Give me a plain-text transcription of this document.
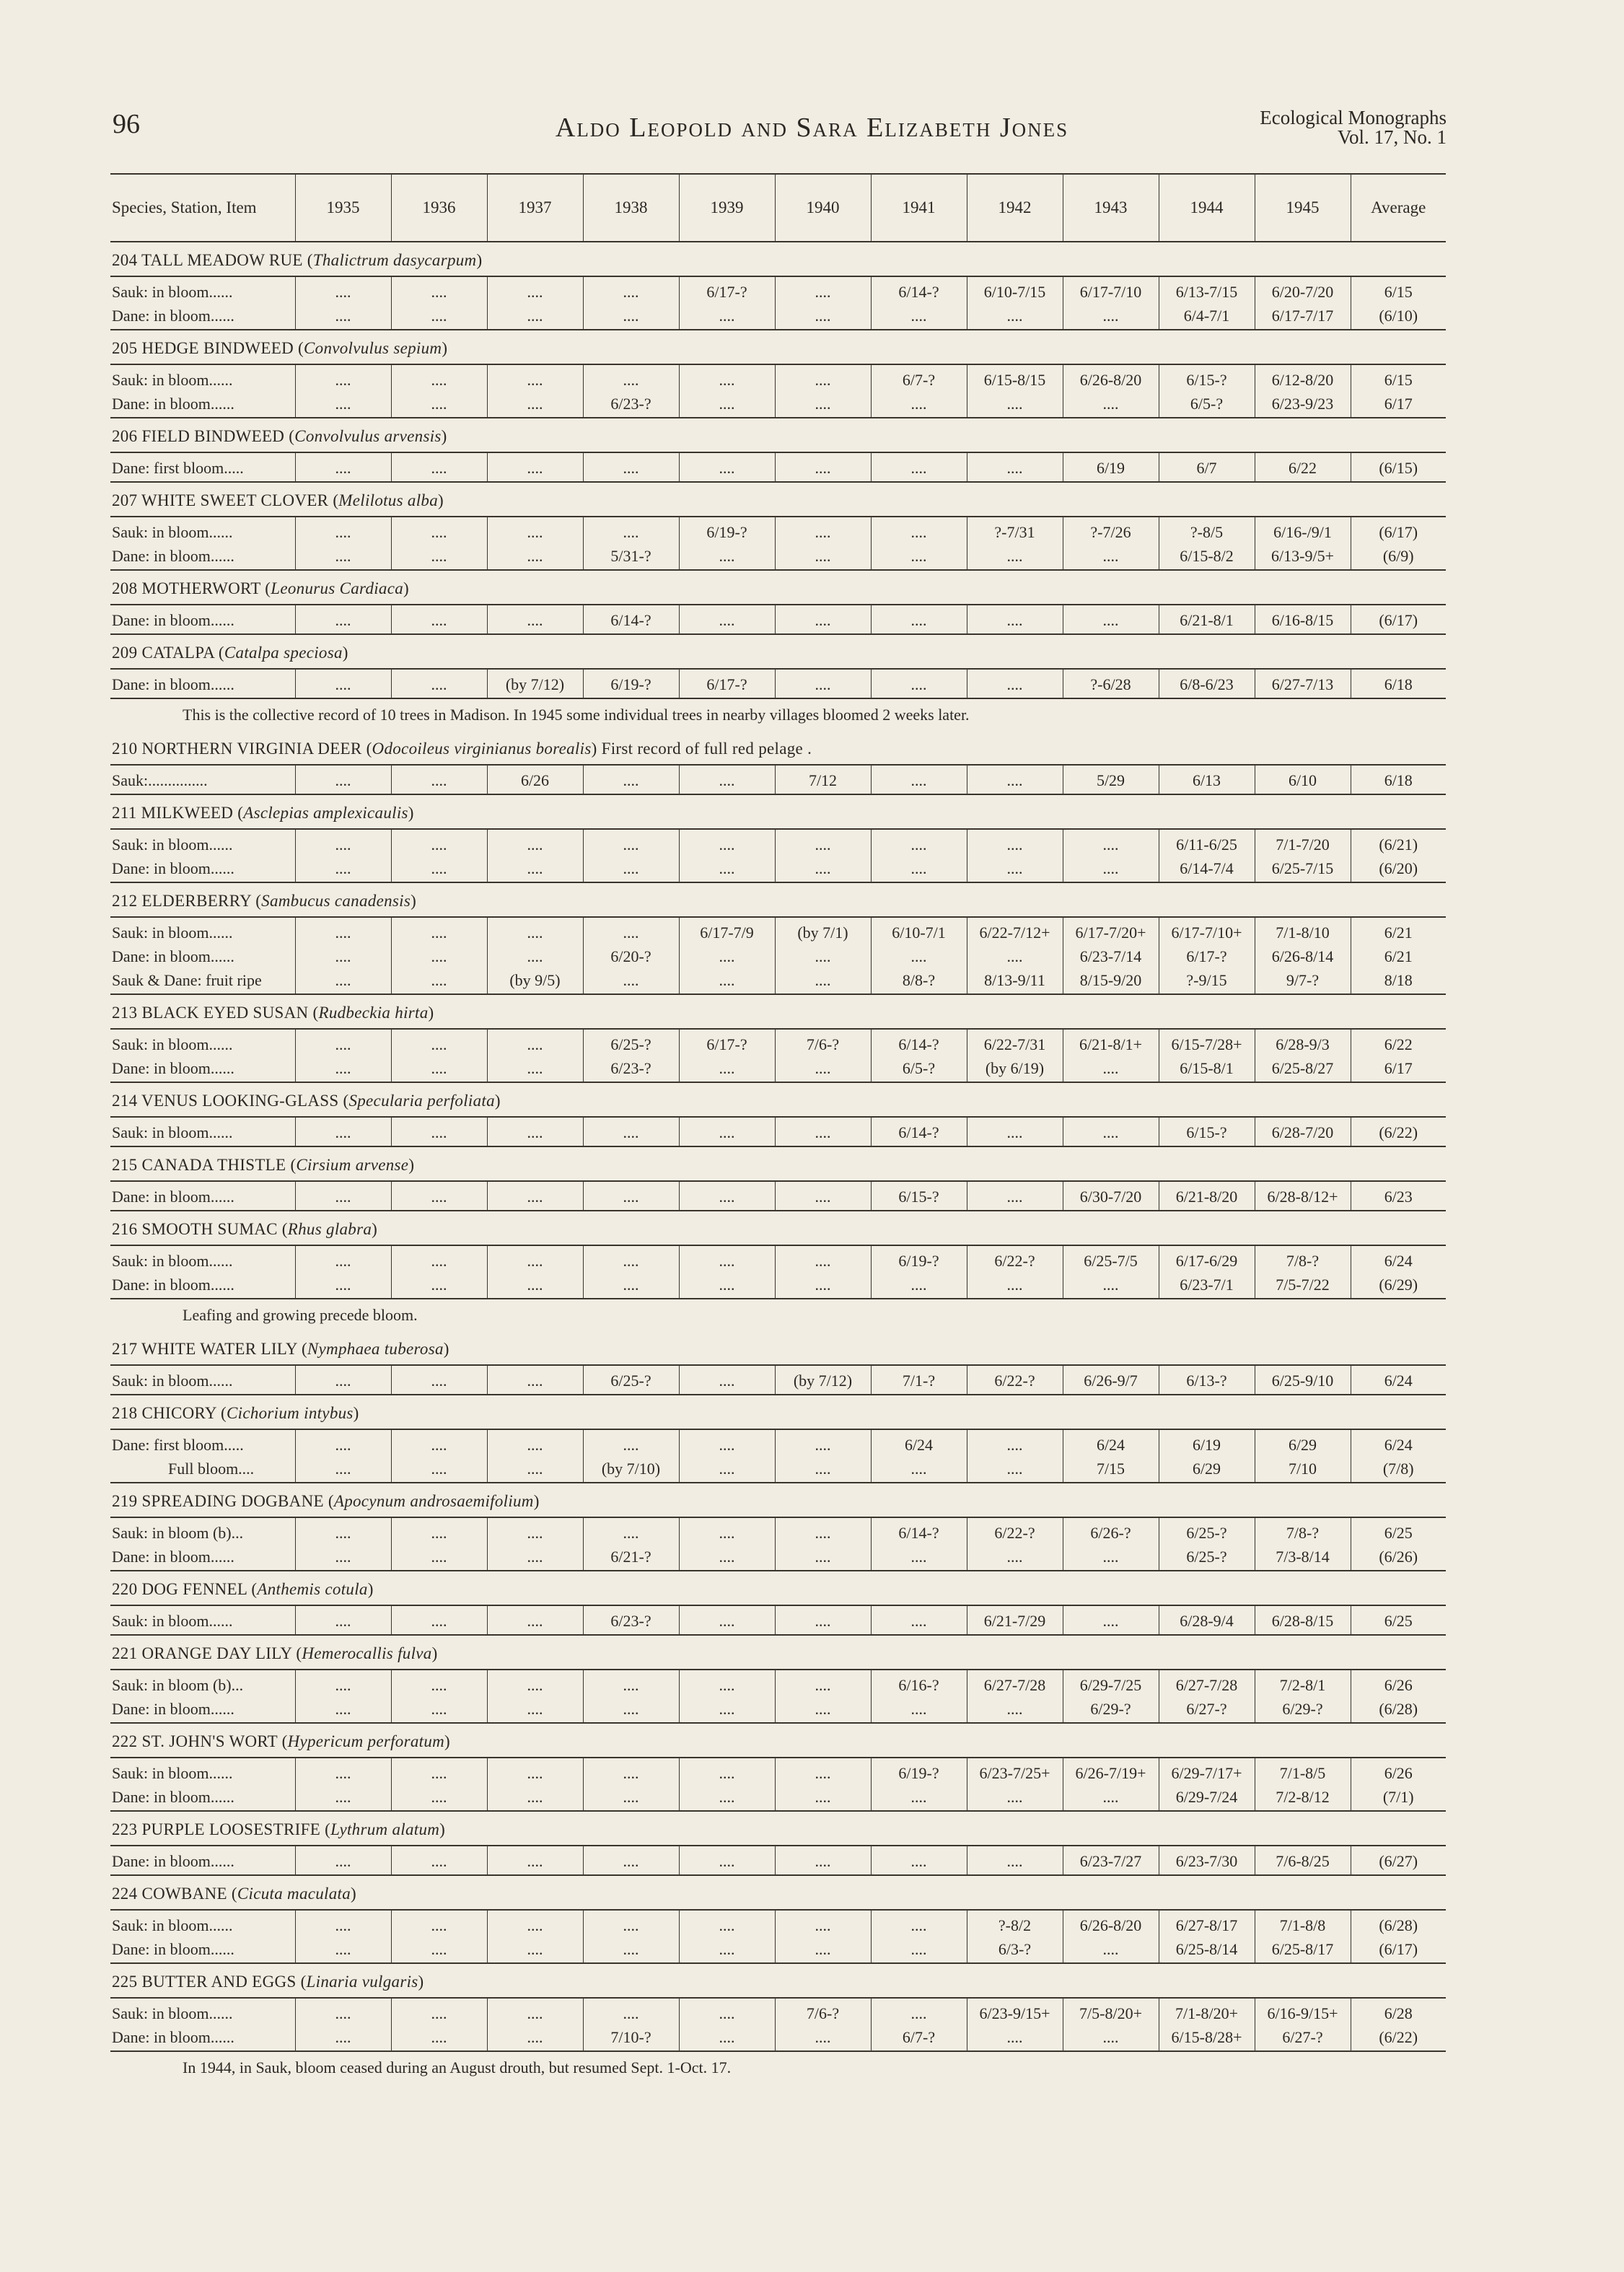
96	Aldo Leopold and Sara Elizabeth Jones	Ecological Monographs
Vol. 17, No. 1
Species, Station, Item	1935	1936	1937	1938	1939	1940	1941	1942	1943	1944	1945	Average
204 TALL MEADOW RUE (Thalictrum dasycarpum)												
Sauk: in bloom......	....	....	....	....	6/17-?	....	6/14-?	6/10-7/15	6/17-7/10	6/13-7/15	6/20-7/20	6/15
Dane: in bloom......	....	....	....	....	....	....	....	....	....	6/4-7/1	6/17-7/17	(6/10)
205 HEDGE BINDWEED (Convolvulus sepium)												
Sauk: in bloom......	....	....	....	....	....	....	6/7-?	6/15-8/15	6/26-8/20	6/15-?	6/12-8/20	6/15
Dane: in bloom......	....	....	....	6/23-?	....	....	....	....	....	6/5-?	6/23-9/23	6/17
206 FIELD BINDWEED (Convolvulus arvensis)												
Dane: first bloom.....	....	....	....	....	....	....	....	....	6/19	6/7	6/22	(6/15)
207 WHITE SWEET CLOVER (Melilotus alba)												
Sauk: in bloom......	....	....	....	....	6/19-?	....	....	?-7/31	?-7/26	?-8/5	6/16-/9/1	(6/17)
Dane: in bloom......	....	....	....	5/31-?	....	....	....	....	....	6/15-8/2	6/13-9/5+	(6/9)
208 MOTHERWORT (Leonurus Cardiaca)												
Dane: in bloom......	....	....	....	6/14-?	....	....	....	....	....	6/21-8/1	6/16-8/15	(6/17)
209 CATALPA (Catalpa speciosa)												
Dane: in bloom......	....	....	(by 7/12)	6/19-?	6/17-?	....	....	....	?-6/28	6/8-6/23	6/27-7/13	6/18
This is the collective record of 10 trees in Madison. In 1945 some individual trees in nearby villages bloomed 2 weeks later.												
210 NORTHERN VIRGINIA DEER (Odocoileus virginianus borealis) First record of full red pelage .												
Sauk:...............	....	....	6/26	....	....	7/12	....	....	5/29	6/13	6/10	6/18
211 MILKWEED (Asclepias amplexicaulis)												
Sauk: in bloom......	....	....	....	....	....	....	....	....	....	6/11-6/25	7/1-7/20	(6/21)
Dane: in bloom......	....	....	....	....	....	....	....	....	....	6/14-7/4	6/25-7/15	(6/20)
212 ELDERBERRY (Sambucus canadensis)												
Sauk: in bloom......	....	....	....	....	6/17-7/9	(by 7/1)	6/10-7/1	6/22-7/12+	6/17-7/20+	6/17-7/10+	7/1-8/10	6/21
Dane: in bloom......	....	....	....	6/20-?	....	....	....	....	6/23-7/14	6/17-?	6/26-8/14	6/21
Sauk & Dane: fruit ripe	....	....	(by 9/5)	....	....	....	8/8-?	8/13-9/11	8/15-9/20	?-9/15	9/7-?	8/18
213 BLACK EYED SUSAN (Rudbeckia hirta)												
Sauk: in bloom......	....	....	....	6/25-?	6/17-?	7/6-?	6/14-?	6/22-7/31	6/21-8/1+	6/15-7/28+	6/28-9/3	6/22
Dane: in bloom......	....	....	....	6/23-?	....	....	6/5-?	(by 6/19)	....	6/15-8/1	6/25-8/27	6/17
214 VENUS LOOKING-GLASS (Specularia perfoliata)												
Sauk: in bloom......	....	....	....	....	....	....	6/14-?	....	....	6/15-?	6/28-7/20	(6/22)
215 CANADA THISTLE (Cirsium arvense)												
Dane: in bloom......	....	....	....	....	....	....	6/15-?	....	6/30-7/20	6/21-8/20	6/28-8/12+	6/23
216 SMOOTH SUMAC (Rhus glabra)												
Sauk: in bloom......	....	....	....	....	....	....	6/19-?	6/22-?	6/25-7/5	6/17-6/29	7/8-?	6/24
Dane: in bloom......	....	....	....	....	....	....	....	....	....	6/23-7/1	7/5-7/22	(6/29)
Leafing and growing precede bloom.												
217 WHITE WATER LILY (Nymphaea tuberosa)												
Sauk: in bloom......	....	....	....	6/25-?	....	(by 7/12)	7/1-?	6/22-?	6/26-9/7	6/13-?	6/25-9/10	6/24
218 CHICORY (Cichorium intybus)												
Dane: first bloom.....	....	....	....	....	....	....	6/24	....	6/24	6/19	6/29	6/24
Full bloom....	....	....	....	(by 7/10)	....	....	....	....	7/15	6/29	7/10	(7/8)
219 SPREADING DOGBANE (Apocynum androsaemifolium)												
Sauk: in bloom (b)...	....	....	....	....	....	....	6/14-?	6/22-?	6/26-?	6/25-?	7/8-?	6/25
Dane: in bloom......	....	....	....	6/21-?	....	....	....	....	....	6/25-?	7/3-8/14	(6/26)
220 DOG FENNEL (Anthemis cotula)												
Sauk: in bloom......	....	....	....	6/23-?	....	....	....	6/21-7/29	....	6/28-9/4	6/28-8/15	6/25
221 ORANGE DAY LILY (Hemerocallis fulva)												
Sauk: in bloom (b)...	....	....	....	....	....	....	6/16-?	6/27-7/28	6/29-7/25	6/27-7/28	7/2-8/1	6/26
Dane: in bloom......	....	....	....	....	....	....	....	....	6/29-?	6/27-?	6/29-?	(6/28)
222 ST. JOHN'S WORT (Hypericum perforatum)												
Sauk: in bloom......	....	....	....	....	....	....	6/19-?	6/23-7/25+	6/26-7/19+	6/29-7/17+	7/1-8/5	6/26
Dane: in bloom......	....	....	....	....	....	....	....	....	....	6/29-7/24	7/2-8/12	(7/1)
223 PURPLE LOOSESTRIFE (Lythrum alatum)												
Dane: in bloom......	....	....	....	....	....	....	....	....	6/23-7/27	6/23-7/30	7/6-8/25	(6/27)
224 COWBANE (Cicuta maculata)												
Sauk: in bloom......	....	....	....	....	....	....	....	?-8/2	6/26-8/20	6/27-8/17	7/1-8/8	(6/28)
Dane: in bloom......	....	....	....	....	....	....	....	6/3-?	....	6/25-8/14	6/25-8/17	(6/17)
225 BUTTER AND EGGS (Linaria vulgaris)												
Sauk: in bloom......	....	....	....	....	....	7/6-?	....	6/23-9/15+	7/5-8/20+	7/1-8/20+	6/16-9/15+	6/28
Dane: in bloom......	....	....	....	7/10-?	....	....	6/7-?	....	....	6/15-8/28+	6/27-?	(6/22)
In 1944, in Sauk, bloom ceased during an August drouth, but resumed Sept. 1-Oct. 17.												
